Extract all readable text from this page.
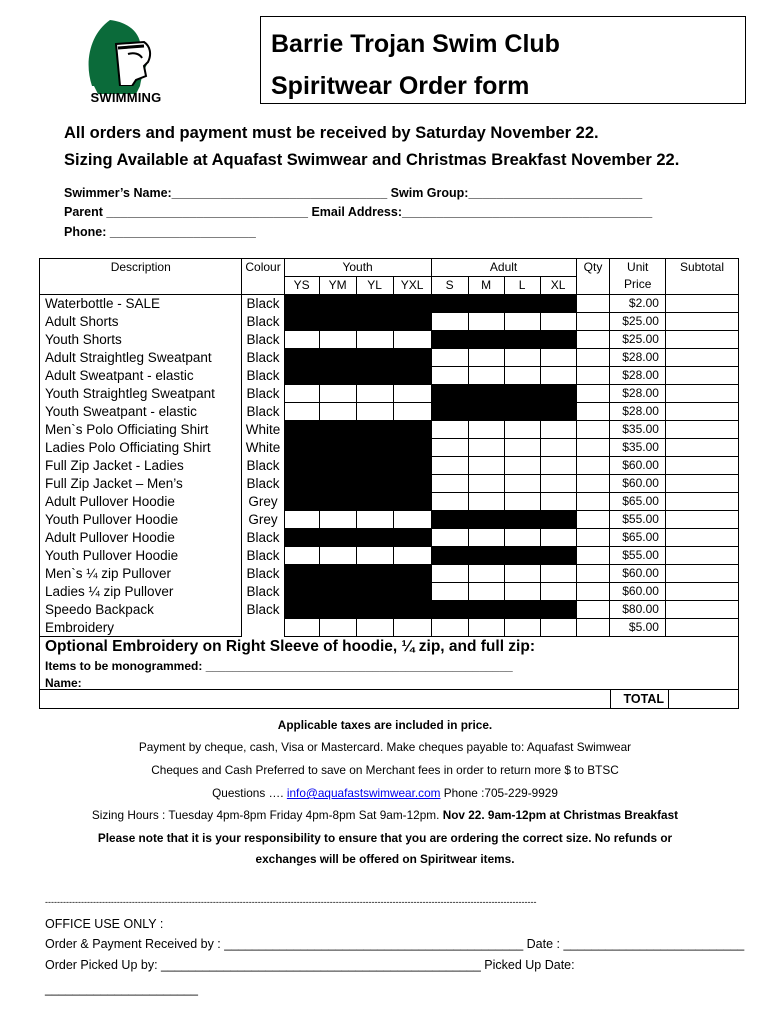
SWIMMING
Barrie Trojan Swim Club
Spiritwear Order form
All orders and payment must be received by Saturday November 22.
Sizing Available at Aquafast Swimwear and Christmas Breakfast November 22.
Swimmer’s Name:_______________________________ Swim Group:_________________________
Parent _____________________________ Email Address:____________________________________
Phone: _____________________
Description	Colour	Youth				Adult				Qty	Unit
Price	Subtotal
		YS	YM	YL	YXL	S	M	L	XL			
Waterbottle - SALE	Black										$2.00	
Adult Shorts	Black										$25.00	
Youth Shorts	Black										$25.00	
Adult Straightleg Sweatpant	Black										$28.00	
Adult Sweatpant - elastic	Black										$28.00	
Youth Straightleg Sweatpant	Black										$28.00	
Youth Sweatpant - elastic	Black										$28.00	
Men`s Polo Officiating Shirt	White										$35.00	
Ladies Polo Officiating Shirt	White										$35.00	
Full Zip Jacket - Ladies	Black										$60.00	
Full Zip Jacket – Men’s	Black										$60.00	
Adult Pullover Hoodie	Grey										$65.00	
Youth Pullover Hoodie	Grey										$55.00	
Adult Pullover Hoodie	Black										$65.00	
Youth Pullover Hoodie	Black										$55.00	
Men`s ¼ zip Pullover	Black										$60.00	
Ladies ¼ zip Pullover	Black										$60.00	
Speedo Backpack	Black										$80.00	
Embroidery											$5.00	
Optional Embroidery on Right Sleeve of hoodie, ¼ zip, and full zip:
Items to be monogrammed: ______________________________________________
Name:
TOTAL
Applicable taxes are included in price.
Payment by cheque, cash, Visa or Mastercard. Make cheques payable to: Aquafast Swimwear
Cheques and Cash Preferred to save on Merchant fees in order to return more $ to BTSC
Questions …. info@aquafastswimwear.com Phone :705-229-9929
Sizing Hours : Tuesday 4pm-8pm Friday 4pm-8pm Sat 9am-12pm. Nov 22. 9am-12pm at Christmas Breakfast
Please note that it is your responsibility to ensure that you are ordering the correct size. No refunds or
exchanges will be offered on Spiritwear items.
--------------------------------------------------------------------------------------------------------------------------------------------------------------------
OFFICE USE ONLY :
Order & Payment Received by : ___________________________________________ Date : __________________________
Order Picked Up by: ______________________________________________ Picked Up Date:
______________________
